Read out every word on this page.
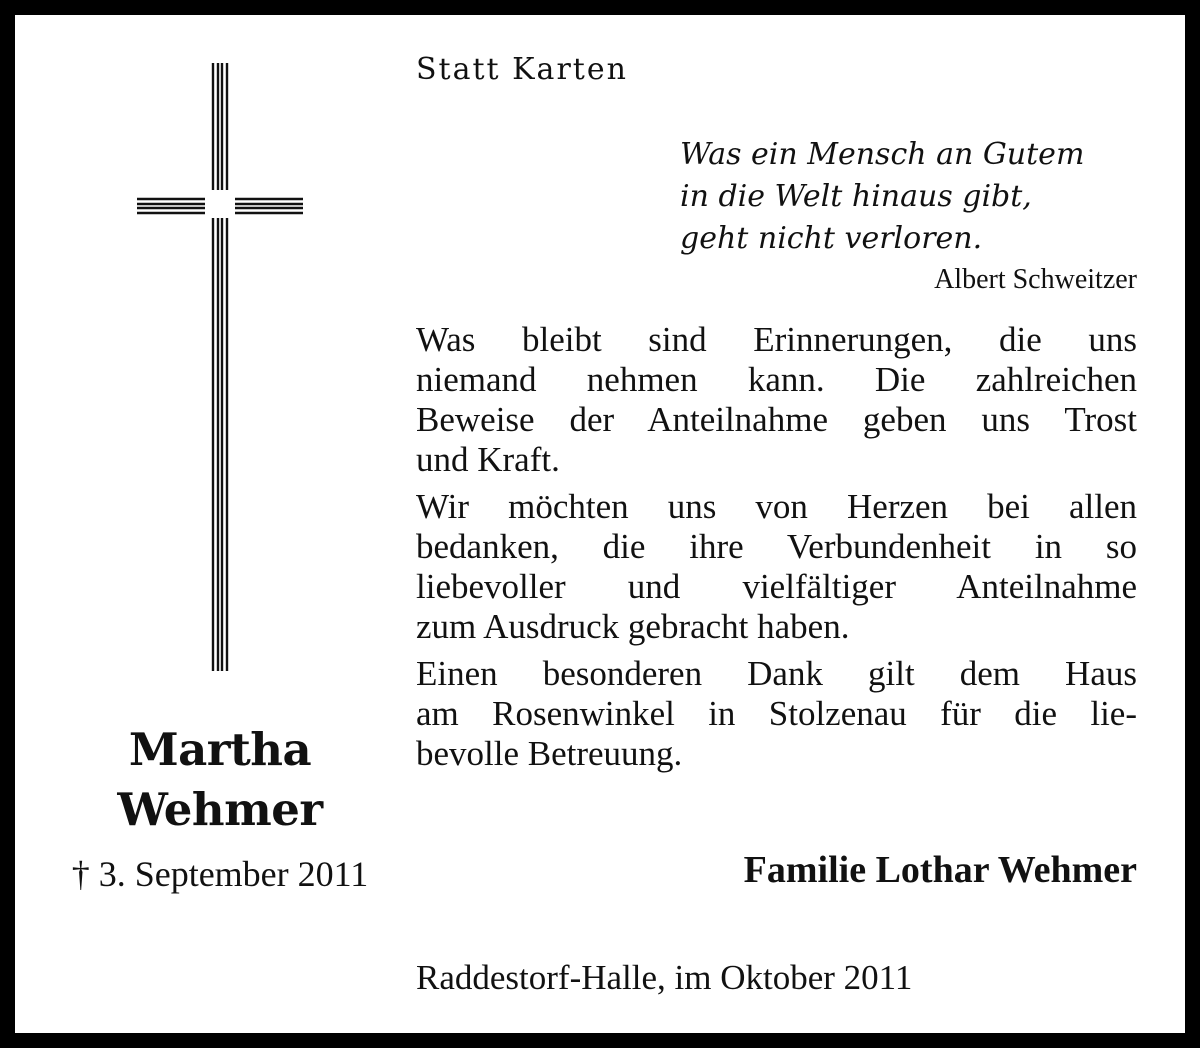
Martha
Wehmer
† 3. September 2011
Statt Karten
Was ein Mensch an Gutem
in die Welt hinaus gibt,
geht nicht verloren.
Albert Schweitzer
Was bleibt sind Erinnerungen, die uns
niemand nehmen kann. Die zahlreichen
Beweise der Anteilnahme geben uns Trost
und Kraft.
Wir möchten uns von Herzen bei allen
bedanken, die ihre Verbundenheit in so
liebevoller und vielfältiger Anteilnahme
zum Ausdruck gebracht haben.
Einen besonderen Dank gilt dem Haus
am Rosenwinkel in Stolzenau für die lie-
bevolle Betreuung.
Familie Lothar Wehmer
Raddestorf-Halle, im Oktober 2011
